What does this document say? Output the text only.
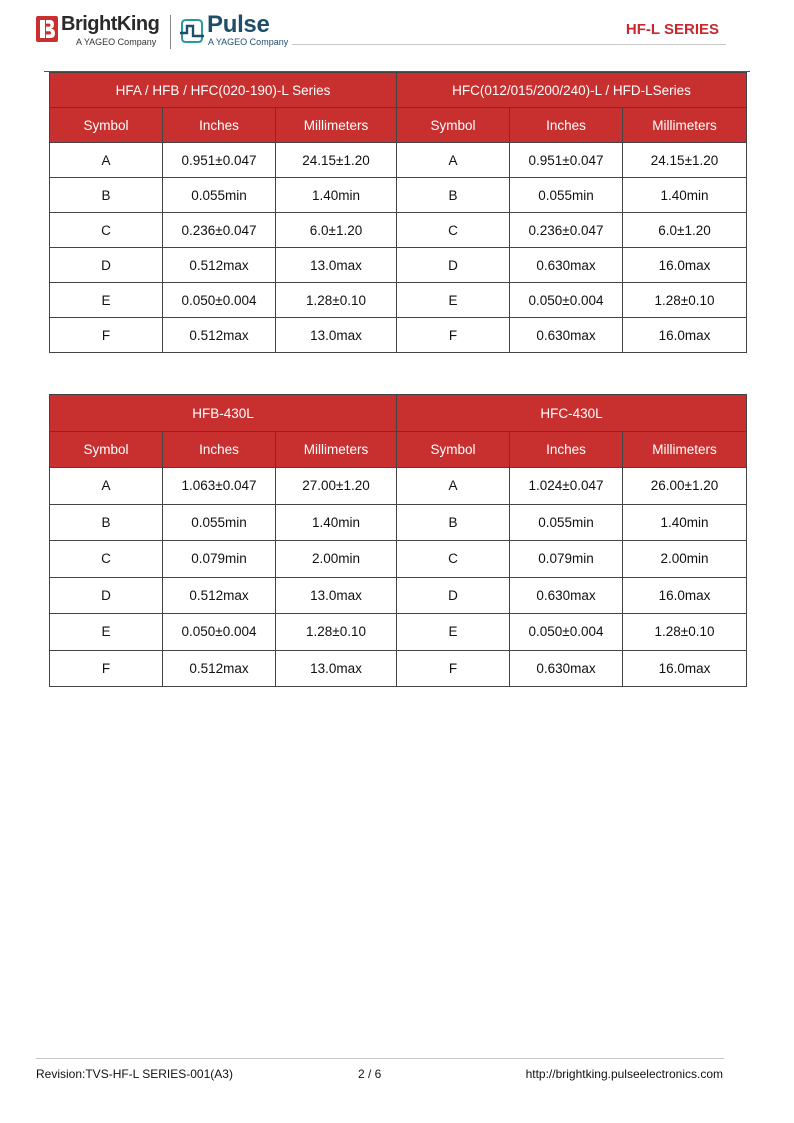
BrightKing
A YAGEO Company
Pulse
A YAGEO Company
HF-L SERIES
HFA / HFB / HFC(020-190)-L Series			HFC(012/015/200/240)-L / HFD-LSeries		
Symbol	Inches	Millimeters	Symbol	Inches	Millimeters
A	0.951±0.047	24.15±1.20	A	0.951±0.047	24.15±1.20
B	0.055min	1.40min	B	0.055min	1.40min
C	0.236±0.047	6.0±1.20	C	0.236±0.047	6.0±1.20
D	0.512max	13.0max	D	0.630max	16.0max
E	0.050±0.004	1.28±0.10	E	0.050±0.004	1.28±0.10
F	0.512max	13.0max	F	0.630max	16.0max
HFB-430L			HFC-430L		
Symbol	Inches	Millimeters	Symbol	Inches	Millimeters
A	1.063±0.047	27.00±1.20	A	1.024±0.047	26.00±1.20
B	0.055min	1.40min	B	0.055min	1.40min
C	0.079min	2.00min	C	0.079min	2.00min
D	0.512max	13.0max	D	0.630max	16.0max
E	0.050±0.004	1.28±0.10	E	0.050±0.004	1.28±0.10
F	0.512max	13.0max	F	0.630max	16.0max
Revision:TVS-HF-L SERIES-001(A3)	2 / 6	http://brightking.pulseelectronics.com
